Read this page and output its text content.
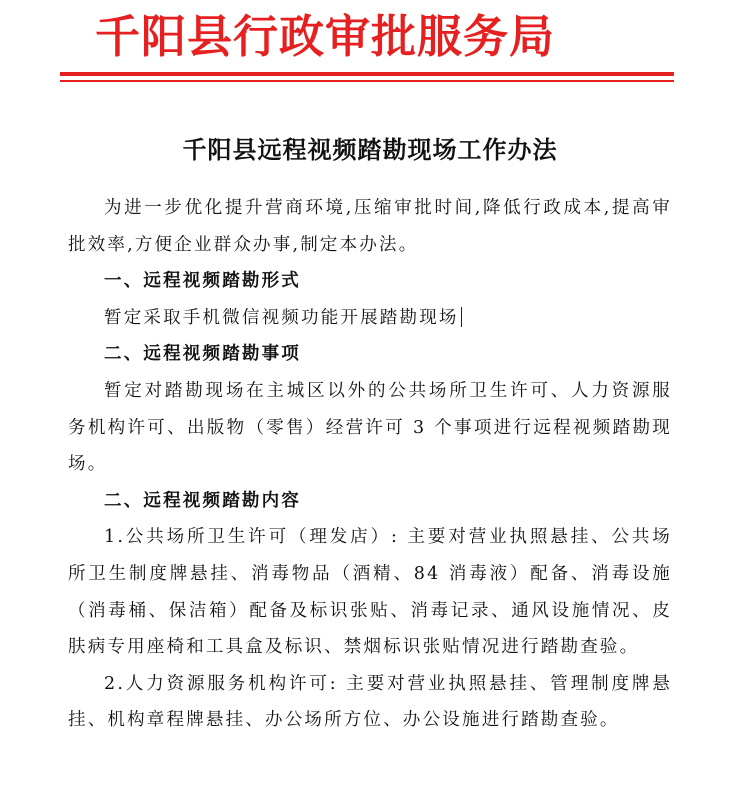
千阳县行政审批服务局
千阳县远程视频踏勘现场工作办法

为进一步优化提升营商环境,压缩审批时间,降低行政成本,提高审批效率,方便企业群众办事,制定本办法。

一、远程视频踏勘形式

暂定采取手机微信视频功能开展踏勘现场

二、远程视频踏勘事项

暂定对踏勘现场在主城区以外的公共场所卫生许可、人力资源服务机构许可、出版物（零售）经营许可 3 个事项进行远程视频踏勘现场。

二、远程视频踏勘内容

1.公共场所卫生许可（理发店）: 主要对营业执照悬挂、公共场所卫生制度牌悬挂、消毒物品（酒精、84 消毒液）配备、消毒设施（消毒桶、保洁箱）配备及标识张贴、消毒记录、通风设施情况、皮肤病专用座椅和工具盒及标识、禁烟标识张贴情况进行踏勘查验。

2.人力资源服务机构许可: 主要对营业执照悬挂、管理制度牌悬挂、机构章程牌悬挂、办公场所方位、办公设施进行踏勘查验。
